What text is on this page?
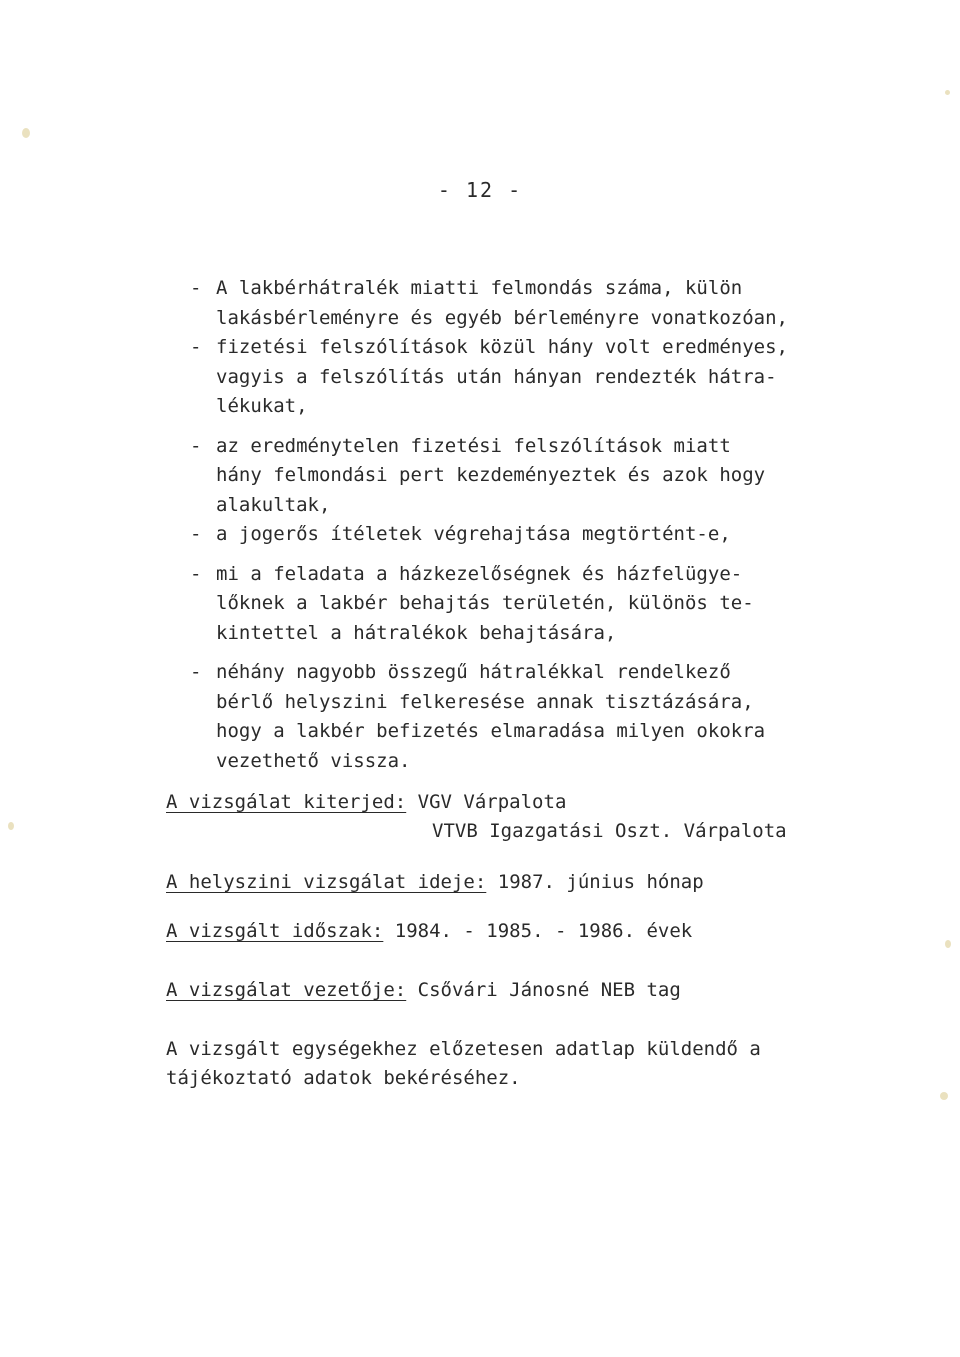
- 12 -
- A lakbérhátralék miatti felmondás száma, külön
lakásbérleményre és egyéb bérleményre vonatkozóan,
- fizetési felszólítások közül hány volt eredményes,
vagyis a felszólítás után hányan rendezték hátra-
lékukat,
- az eredménytelen fizetési felszólítások miatt
hány felmondási pert kezdeményeztek és azok hogy
alakultak,
- a jogerős ítéletek végrehajtása megtörtént-e,
- mi a feladata a házkezelőségnek és házfelügye-
lőknek a lakbér behajtás területén, különös te-
kintettel a hátralékok behajtására,
- néhány nagyobb összegű hátralékkal rendelkező
bérlő helyszini felkeresése annak tisztázására,
hogy a lakbér befizetés elmaradása milyen okokra
vezethető vissza.
A vizsgálat kiterjed: VGV Várpalota
VTVB Igazgatási Oszt. Várpalota
A helyszini vizsgálat ideje: 1987. június hónap
A vizsgált időszak: 1984. - 1985. - 1986. évek
A vizsgálat vezetője: Csővári Jánosné NEB tag
A vizsgált egységekhez előzetesen adatlap küldendő a
tájékoztató adatok bekéréséhez.
